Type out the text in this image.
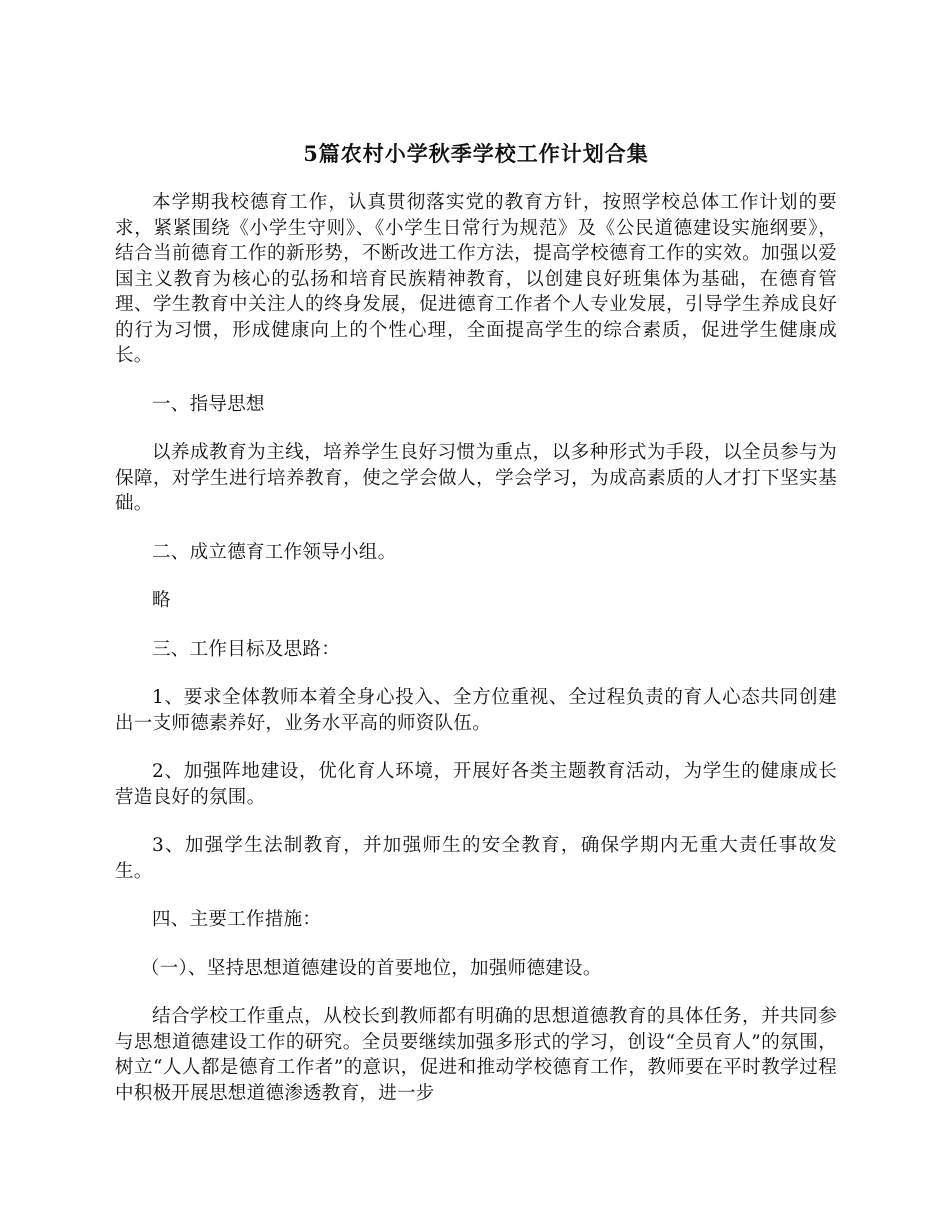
5篇农村小学秋季学校工作计划合集

本学期我校德育工作，认真贯彻落实党的教育方针，按照学校总体工作计划的要求，紧紧围绕《小学生守则》、《小学生日常行为规范》及《公民道德建设实施纲要》，结合当前德育工作的新形势，不断改进工作方法，提高学校德育工作的实效。加强以爱国主义教育为核心的弘扬和培育民族精神教育，以创建良好班集体为基础，在德育管理、学生教育中关注人的终身发展，促进德育工作者个人专业发展，引导学生养成良好的行为习惯，形成健康向上的个性心理，全面提高学生的综合素质，促进学生健康成长。

一、指导思想

以养成教育为主线，培养学生良好习惯为重点，以多种形式为手段，以全员参与为保障，对学生进行培养教育，使之学会做人，学会学习，为成高素质的人才打下坚实基础。

二、成立德育工作领导小组。

略

三、工作目标及思路：

1、要求全体教师本着全身心投入、全方位重视、全过程负责的育人心态共同创建出一支师德素养好，业务水平高的师资队伍。

2、加强阵地建设，优化育人环境，开展好各类主题教育活动，为学生的健康成长营造良好的氛围。

3、加强学生法制教育，并加强师生的安全教育，确保学期内无重大责任事故发生。

四、主要工作措施：

（一）、坚持思想道德建设的首要地位，加强师德建设。

结合学校工作重点，从校长到教师都有明确的思想道德教育的具体任务，并共同参与思想道德建设工作的研究。全员要继续加强多形式的学习，创设“全员育人”的氛围，树立“人人都是德育工作者”的意识，促进和推动学校德育工作，教师要在平时教学过程中积极开展思想道德渗透教育，进一步
